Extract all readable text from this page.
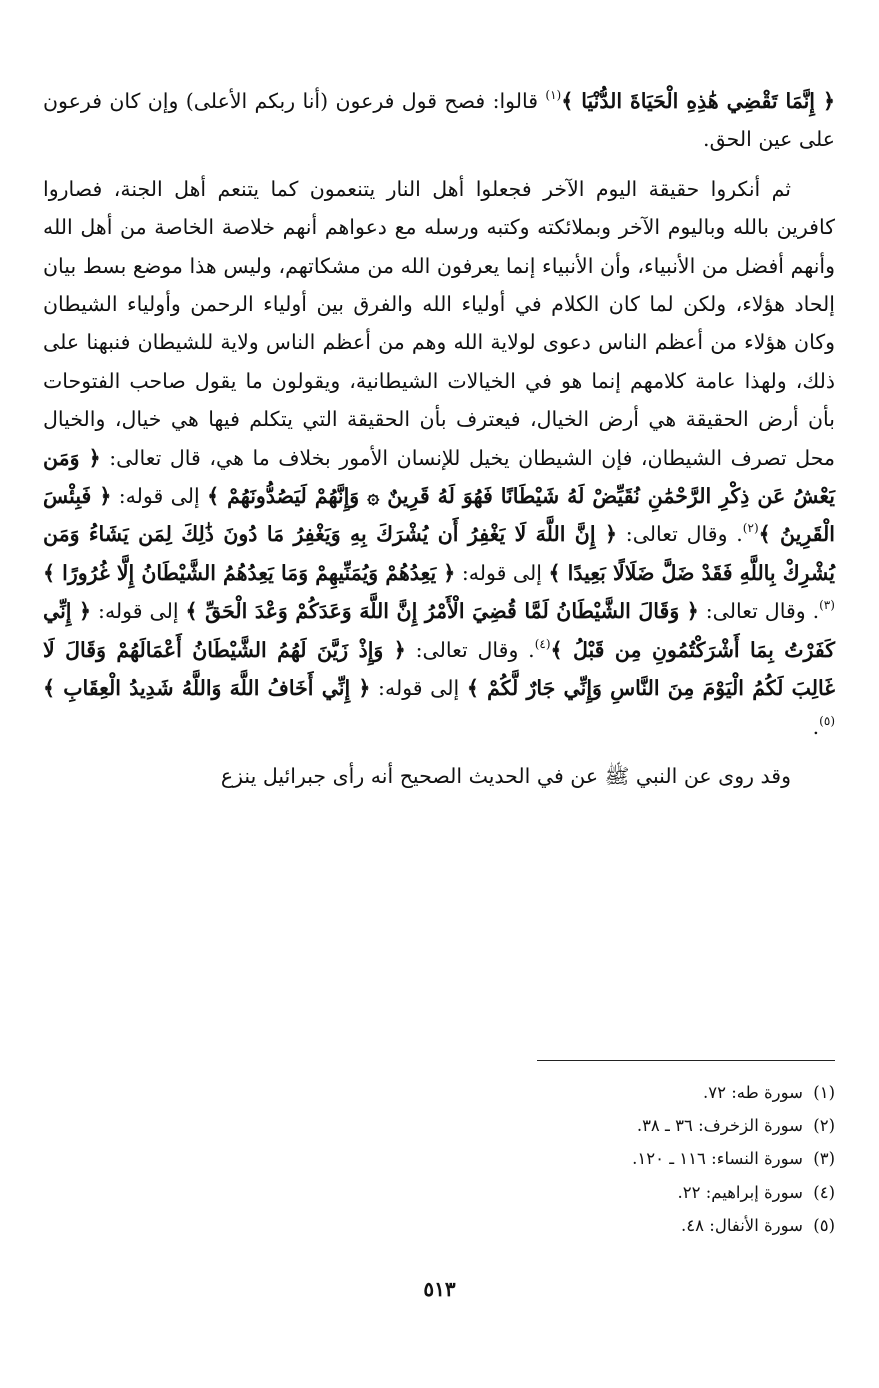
﴿ إِنَّمَا تَقْضِي هَٰذِهِ الْحَيَاةَ الدُّنْيَا ﴾$^{(١)}$ قالوا: فصح قول فرعون (أنا ربكم الأعلى) وإن كان فرعون على عين الحق.

ثم أنكروا حقيقة اليوم الآخر فجعلوا أهل النار يتنعمون كما يتنعم أهل الجنة، فصاروا كافرين بالله وباليوم الآخر وبملائكته وكتبه ورسله مع دعواهم أنهم خلاصة الخاصة من أهل الله وأنهم أفضل من الأنبياء، وأن الأنبياء إنما يعرفون الله من مشكاتهم، وليس هذا موضع بسط بيان إلحاد هؤلاء، ولكن لما كان الكلام في أولياء الله والفرق بين أولياء الرحمن وأولياء الشيطان وكان هؤلاء من أعظم الناس دعوى لولاية الله وهم من أعظم الناس ولاية للشيطان فنبهنا على ذلك، ولهذا عامة كلامهم إنما هو في الخيالات الشيطانية، ويقولون ما يقول صاحب الفتوحات بأن أرض الحقيقة هي أرض الخيال، فيعترف بأن الحقيقة التي يتكلم فيها هي خيال، والخيال محل تصرف الشيطان، فإن الشيطان يخيل للإنسان الأمور بخلاف ما هي، قال تعالى: ﴿ وَمَن يَعْشُ عَن ذِكْرِ الرَّحْمَٰنِ نُقَيِّضْ لَهُ شَيْطَانًا فَهُوَ لَهُ قَرِينٌ ۞ وَإِنَّهُمْ لَيَصُدُّونَهُمْ ﴾ إلى قوله: ﴿ فَبِئْسَ الْقَرِينُ ﴾$^{(٢)}$. وقال تعالى: ﴿ إِنَّ اللَّهَ لَا يَغْفِرُ أَن يُشْرَكَ بِهِ وَيَغْفِرُ مَا دُونَ ذَٰلِكَ لِمَن يَشَاءُ وَمَن يُشْرِكْ بِاللَّهِ فَقَدْ ضَلَّ ضَلَالًا بَعِيدًا ﴾ إلى قوله: ﴿ يَعِدُهُمْ وَيُمَنِّيهِمْ وَمَا يَعِدُهُمُ الشَّيْطَانُ إِلَّا غُرُورًا ﴾$^{(٣)}$. وقال تعالى: ﴿ وَقَالَ الشَّيْطَانُ لَمَّا قُضِيَ الْأَمْرُ إِنَّ اللَّهَ وَعَدَكُمْ وَعْدَ الْحَقِّ ﴾ إلى قوله: ﴿ إِنِّي كَفَرْتُ بِمَا أَشْرَكْتُمُونِ مِن قَبْلُ ﴾$^{(٤)}$. وقال تعالى: ﴿ وَإِذْ زَيَّنَ لَهُمُ الشَّيْطَانُ أَعْمَالَهُمْ وَقَالَ لَا غَالِبَ لَكُمُ الْيَوْمَ مِنَ النَّاسِ وَإِنِّي جَارٌ لَّكُمْ ﴾ إلى قوله: ﴿ إِنِّي أَخَافُ اللَّهَ وَاللَّهُ شَدِيدُ الْعِقَابِ ﴾$^{(٥)}$.

وقد روى عن النبي ﷺ عن في الحديث الصحيح أنه رأى جبرائيل ينزع

(١)سورة طه: ٧٢.
(٢)سورة الزخرف: ٣٦ ـ ٣٨.
(٣)سورة النساء: ١١٦ ـ ١٢٠.
(٤)سورة إبراهيم: ٢٢.
(٥)سورة الأنفال: ٤٨.
٥١٣
